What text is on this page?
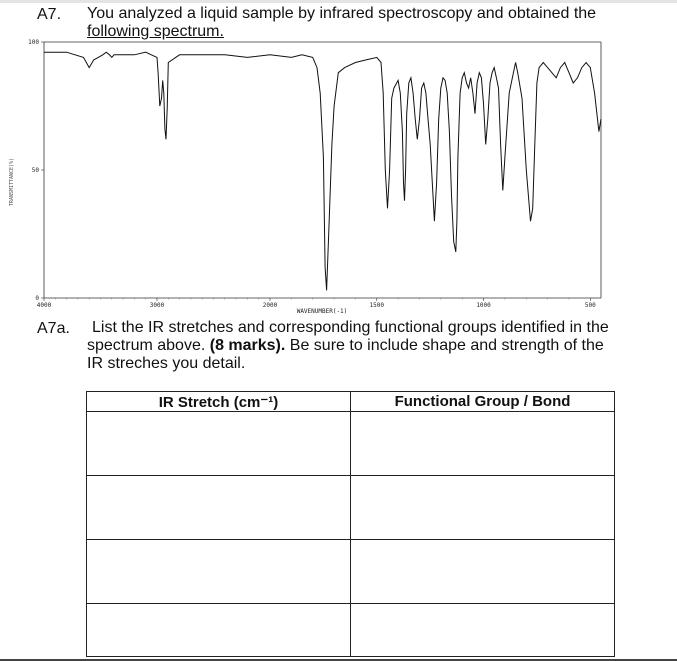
A7. You analyzed a liquid sample by infrared spectroscopy and obtained the
following spectrum.
4000	3000	2000	1500	1000	500
100
50
0
WAVENUMBER(-1)
TRANSMITTANCE(%)
A7a. List the IR stretches and corresponding functional groups identified in the
spectrum above. (8 marks). Be sure to include shape and strength of the
IR streches you detail.
IR Stretch (cm⁻¹)	Functional Group / Bond
